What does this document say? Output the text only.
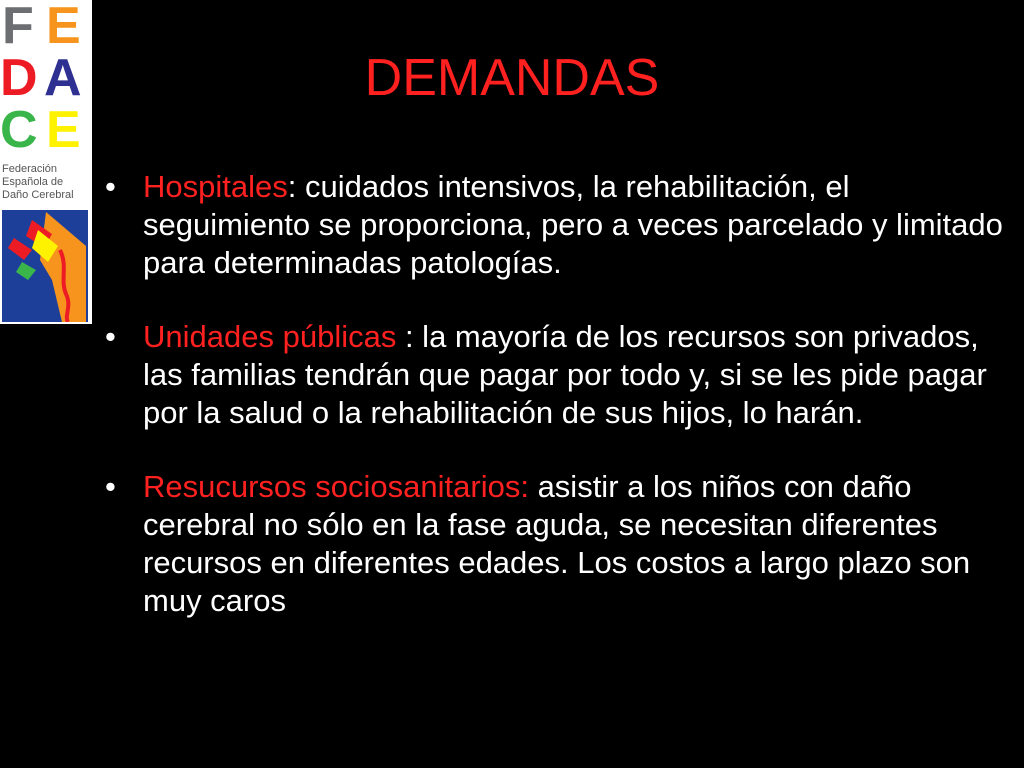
F E
D A
C E
Federación
Española de
Daño Cerebral
DEMANDAS
• Hospitales: cuidados intensivos, la rehabilitación, el seguimiento se proporciona, pero a veces parcelado y limitado para determinadas patologías.
• Unidades públicas : la mayoría de los recursos son privados, las familias tendrán que pagar por todo y, si se les pide pagar por la salud o la rehabilitación de sus hijos, lo harán.
• Resucursos sociosanitarios: asistir a los niños con daño cerebral no sólo en la fase aguda, se necesitan diferentes recursos en diferentes edades. Los costos a largo plazo son muy caros
